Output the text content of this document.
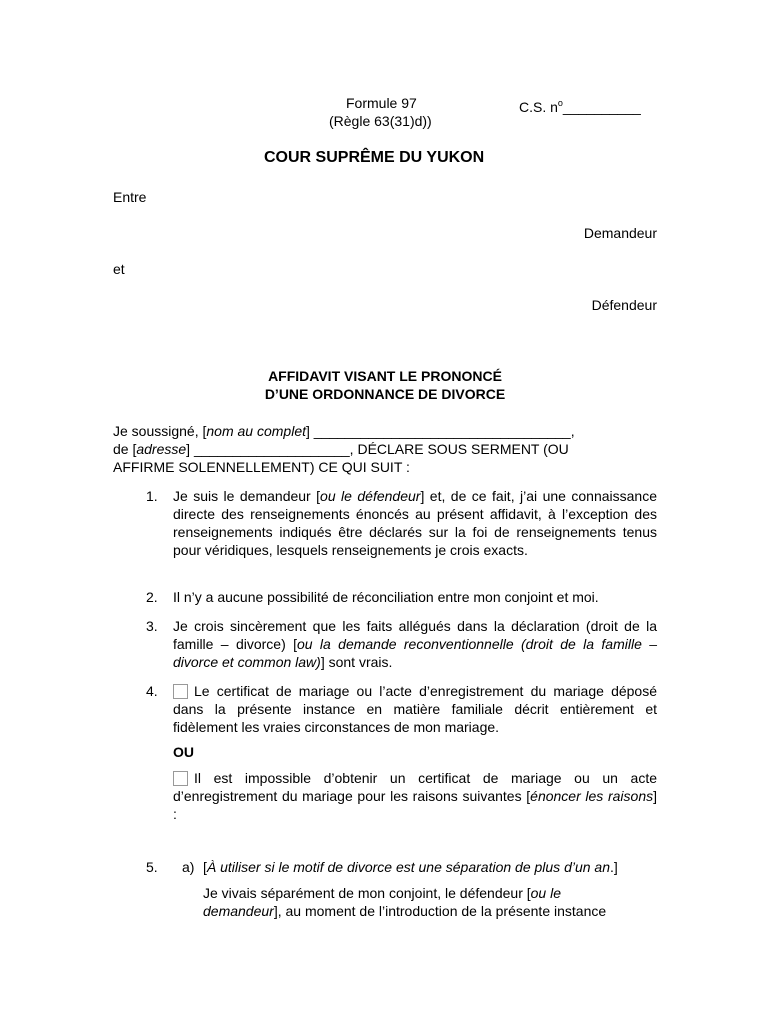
Formule 97	C.S. $n^o\_\_\_\_\_\_\_\_\_\_$
(Règle 63(31)d))
COUR SUPRÊME DU YUKON
Entre
Demandeur
et
Défendeur
AFFIDAVIT VISANT LE PRONONCÉ
D’UNE ORDONNANCE DE DIVORCE
Je soussigné, [nom au complet] _________________________________,
de [adresse] ____________________, DÉCLARE SOUS SERMENT (OU
AFFIRME SOLENNELLEMENT) CE QUI SUIT :
1. Je suis le demandeur [ou le défendeur] et, de ce fait, j’ai une connaissance directe des renseignements énoncés au présent affidavit, à l’exception des renseignements indiqués être déclarés sur la foi de renseignements tenus pour véridiques, lesquels renseignements je crois exacts.
2. Il n’y a aucune possibilité de réconciliation entre mon conjoint et moi.
3. Je crois sincèrement que les faits allégués dans la déclaration (droit de la famille – divorce) [ou la demande reconventionnelle (droit de la famille – divorce et common law)] sont vrais.
4.	Le certificat de mariage ou l’acte d’enregistrement du mariage déposé dans la présente instance en matière familiale décrit entièrement et fidèlement les vraies circonstances de mon mariage.
OU
Il est impossible d’obtenir un certificat de mariage ou un acte d’enregistrement du mariage pour les raisons suivantes [énoncer les raisons] :
5. a) [À utiliser si le motif de divorce est une séparation de plus d’un an.]
Je vivais séparément de mon conjoint, le défendeur [ou le
demandeur], au moment de l’introduction de la présente instance
